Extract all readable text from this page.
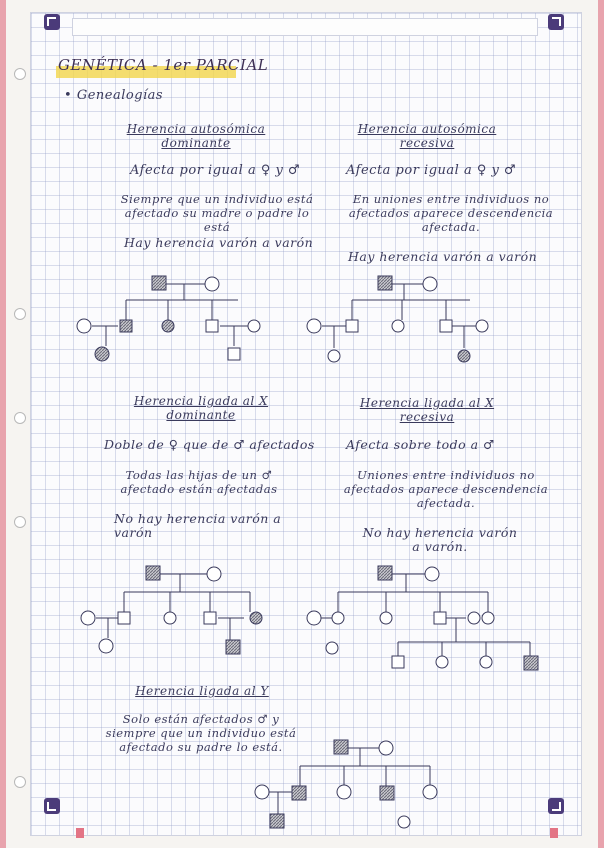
GENÉTICA - 1er PARCIAL
• Genealogías
Herencia autosómica dominante
Afecta por igual a ♀ y ♂
Siempre que un individuo está afectado su madre o padre lo está
Hay herencia varón a varón
Herencia autosómica recesiva
Afecta por igual a ♀ y ♂
En uniones entre individuos no afectados aparece descendencia afectada.
Hay herencia varón a varón
Herencia ligada al X dominante
Doble de ♀ que de ♂ afectados
Todas las hijas de un ♂ afectado están afectadas
No hay herencia varón a varón
Herencia ligada al X recesiva
Afecta sobre todo a ♂
Uniones entre individuos no afectados aparece descendencia afectada.
No hay herencia varón a varón.
Herencia ligada al Y
Solo están afectados ♂ y siempre que un individuo está afectado su padre lo está.
